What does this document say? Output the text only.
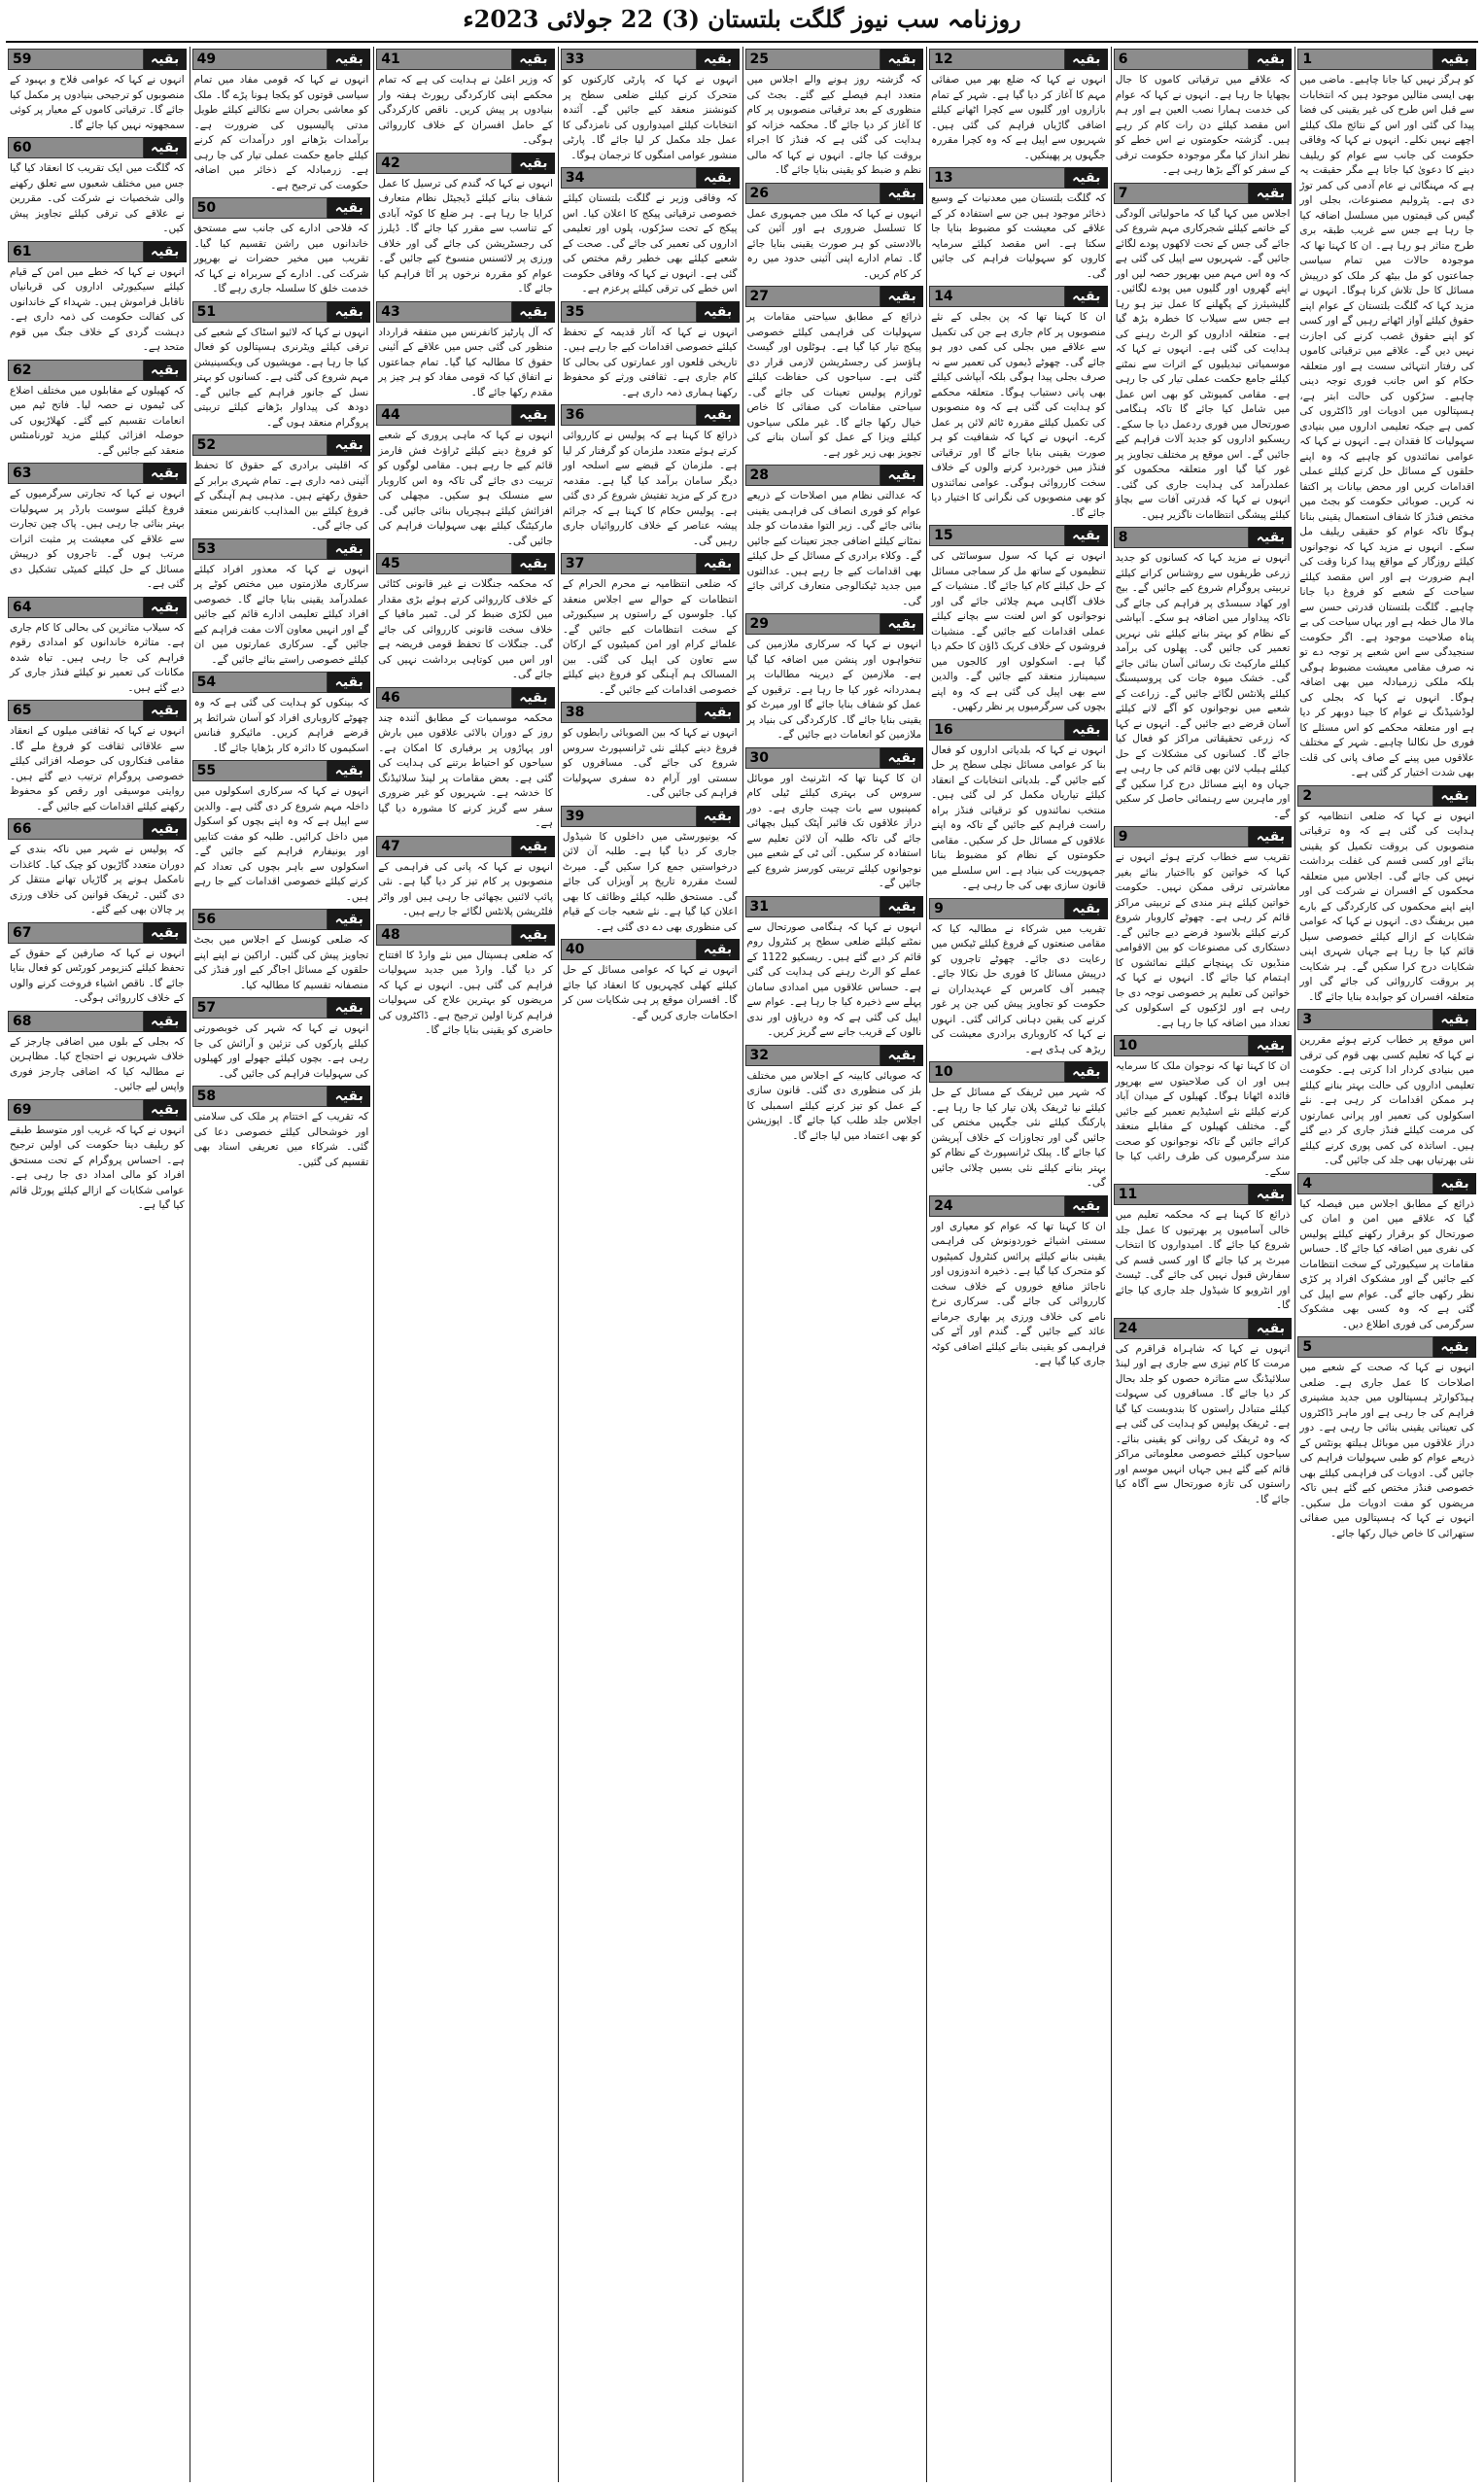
روزنامہ سب نیوز گلگت بلتستان (3) 22 جولائی 2023ء
بقیہ
1

کو ہرگز نہیں کیا جانا چاہیے۔ ماضی میں بھی ایسی مثالیں موجود ہیں کہ انتخابات سے قبل اس طرح کی غیر یقینی کی فضا پیدا کی گئی اور اس کے نتائج ملک کیلئے اچھے نہیں نکلے۔ انہوں نے کہا کہ وفاقی حکومت کی جانب سے عوام کو ریلیف دینے کا دعویٰ کیا جاتا ہے مگر حقیقت یہ ہے کہ مہنگائی نے عام آدمی کی کمر توڑ دی ہے۔ پٹرولیم مصنوعات، بجلی اور گیس کی قیمتوں میں مسلسل اضافہ کیا جا رہا ہے جس سے غریب طبقہ بری طرح متاثر ہو رہا ہے۔ ان کا کہنا تھا کہ موجودہ حالات میں تمام سیاسی جماعتوں کو مل بیٹھ کر ملک کو درپیش مسائل کا حل تلاش کرنا ہوگا۔ انہوں نے مزید کہا کہ گلگت بلتستان کے عوام اپنے حقوق کیلئے آواز اٹھاتے رہیں گے اور کسی کو اپنے حقوق غصب کرنے کی اجازت نہیں دیں گے۔ علاقے میں ترقیاتی کاموں کی رفتار انتہائی سست ہے اور متعلقہ حکام کو اس جانب فوری توجہ دینی چاہیے۔ سڑکوں کی حالت ابتر ہے، ہسپتالوں میں ادویات اور ڈاکٹروں کی کمی ہے جبکہ تعلیمی اداروں میں بنیادی سہولیات کا فقدان ہے۔ انہوں نے کہا کہ عوامی نمائندوں کو چاہیے کہ وہ اپنے حلقوں کے مسائل حل کرنے کیلئے عملی اقدامات کریں اور محض بیانات پر اکتفا نہ کریں۔ صوبائی حکومت کو بجٹ میں مختص فنڈز کا شفاف استعمال یقینی بنانا ہوگا تاکہ عوام کو حقیقی ریلیف مل سکے۔ انہوں نے مزید کہا کہ نوجوانوں کیلئے روزگار کے مواقع پیدا کرنا وقت کی اہم ضرورت ہے اور اس مقصد کیلئے سیاحت کے شعبے کو فروغ دیا جانا چاہیے۔ گلگت بلتستان قدرتی حسن سے مالا مال خطہ ہے اور یہاں سیاحت کی بے پناہ صلاحیت موجود ہے۔ اگر حکومت سنجیدگی سے اس شعبے پر توجہ دے تو نہ صرف مقامی معیشت مضبوط ہوگی بلکہ ملکی زرمبادلہ میں بھی اضافہ ہوگا۔ انہوں نے کہا کہ بجلی کی لوڈشیڈنگ نے عوام کا جینا دوبھر کر دیا ہے اور متعلقہ محکمے کو اس مسئلے کا فوری حل نکالنا چاہیے۔ شہر کے مختلف علاقوں میں پینے کے صاف پانی کی قلت بھی شدت اختیار کر گئی ہے۔

بقیہ
2

انہوں نے کہا کہ ضلعی انتظامیہ کو ہدایت کی گئی ہے کہ وہ ترقیاتی منصوبوں کی بروقت تکمیل کو یقینی بنائے اور کسی قسم کی غفلت برداشت نہیں کی جائے گی۔ اجلاس میں متعلقہ محکموں کے افسران نے شرکت کی اور اپنے اپنے محکموں کی کارکردگی کے بارے میں بریفنگ دی۔ انہوں نے کہا کہ عوامی شکایات کے ازالے کیلئے خصوصی سیل قائم کیا جا رہا ہے جہاں شہری اپنی شکایات درج کرا سکیں گے۔ ہر شکایت پر بروقت کارروائی کی جائے گی اور متعلقہ افسران کو جوابدہ بنایا جائے گا۔

بقیہ
3

اس موقع پر خطاب کرتے ہوئے مقررین نے کہا کہ تعلیم کسی بھی قوم کی ترقی میں بنیادی کردار ادا کرتی ہے۔ حکومت تعلیمی اداروں کی حالت بہتر بنانے کیلئے ہر ممکن اقدامات کر رہی ہے۔ نئے اسکولوں کی تعمیر اور پرانی عمارتوں کی مرمت کیلئے فنڈز جاری کر دیے گئے ہیں۔ اساتذہ کی کمی پوری کرنے کیلئے نئی بھرتیاں بھی جلد کی جائیں گی۔

بقیہ
4

ذرائع کے مطابق اجلاس میں فیصلہ کیا گیا کہ علاقے میں امن و امان کی صورتحال کو برقرار رکھنے کیلئے پولیس کی نفری میں اضافہ کیا جائے گا۔ حساس مقامات پر سیکیورٹی کے سخت انتظامات کیے جائیں گے اور مشکوک افراد پر کڑی نظر رکھی جائے گی۔ عوام سے اپیل کی گئی ہے کہ وہ کسی بھی مشکوک سرگرمی کی فوری اطلاع دیں۔

بقیہ
5

انہوں نے کہا کہ صحت کے شعبے میں اصلاحات کا عمل جاری ہے۔ ضلعی ہیڈکوارٹر ہسپتالوں میں جدید مشینری فراہم کی جا رہی ہے اور ماہر ڈاکٹروں کی تعیناتی یقینی بنائی جا رہی ہے۔ دور دراز علاقوں میں موبائل ہیلتھ یونٹس کے ذریعے عوام کو طبی سہولیات فراہم کی جائیں گی۔ ادویات کی فراہمی کیلئے بھی خصوصی فنڈز مختص کیے گئے ہیں تاکہ مریضوں کو مفت ادویات مل سکیں۔ انہوں نے کہا کہ ہسپتالوں میں صفائی ستھرائی کا خاص خیال رکھا جائے۔

بقیہ
6

کہ علاقے میں ترقیاتی کاموں کا جال بچھایا جا رہا ہے۔ انہوں نے کہا کہ عوام کی خدمت ہمارا نصب العین ہے اور ہم اس مقصد کیلئے دن رات کام کر رہے ہیں۔ گزشتہ حکومتوں نے اس خطے کو نظر انداز کیا مگر موجودہ حکومت ترقی کے سفر کو آگے بڑھا رہی ہے۔

بقیہ
7

اجلاس میں کہا گیا کہ ماحولیاتی آلودگی کے خاتمے کیلئے شجرکاری مہم شروع کی جائے گی جس کے تحت لاکھوں پودے لگائے جائیں گے۔ شہریوں سے اپیل کی گئی ہے کہ وہ اس مہم میں بھرپور حصہ لیں اور اپنے گھروں اور گلیوں میں پودے لگائیں۔ گلیشیئرز کے پگھلنے کا عمل تیز ہو رہا ہے جس سے سیلاب کا خطرہ بڑھ گیا ہے۔ متعلقہ اداروں کو الرٹ رہنے کی ہدایت کی گئی ہے۔ انہوں نے کہا کہ موسمیاتی تبدیلیوں کے اثرات سے نمٹنے کیلئے جامع حکمت عملی تیار کی جا رہی ہے۔ مقامی کمیونٹی کو بھی اس عمل میں شامل کیا جائے گا تاکہ ہنگامی صورتحال میں فوری ردعمل دیا جا سکے۔ ریسکیو اداروں کو جدید آلات فراہم کیے جائیں گے۔ اس موقع پر مختلف تجاویز پر غور کیا گیا اور متعلقہ محکموں کو عملدرآمد کی ہدایت جاری کی گئی۔ انہوں نے کہا کہ قدرتی آفات سے بچاؤ کیلئے پیشگی انتظامات ناگزیر ہیں۔

بقیہ
8

انہوں نے مزید کہا کہ کسانوں کو جدید زرعی طریقوں سے روشناس کرانے کیلئے تربیتی پروگرام شروع کیے جائیں گے۔ بیج اور کھاد سبسڈی پر فراہم کی جائے گی تاکہ پیداوار میں اضافہ ہو سکے۔ آبپاشی کے نظام کو بہتر بنانے کیلئے نئی نہریں تعمیر کی جائیں گی۔ پھلوں کی برآمد کیلئے مارکیٹ تک رسائی آسان بنائی جائے گی۔ خشک میوہ جات کی پروسیسنگ کیلئے پلانٹس لگائے جائیں گے۔ زراعت کے شعبے میں نوجوانوں کو آگے لانے کیلئے آسان قرضے دیے جائیں گے۔ انہوں نے کہا کہ زرعی تحقیقاتی مراکز کو فعال کیا جائے گا۔ کسانوں کی مشکلات کے حل کیلئے ہیلپ لائن بھی قائم کی جا رہی ہے جہاں وہ اپنے مسائل درج کرا سکیں گے اور ماہرین سے رہنمائی حاصل کر سکیں گے۔

بقیہ
9

تقریب سے خطاب کرتے ہوئے انہوں نے کہا کہ خواتین کو بااختیار بنائے بغیر معاشرتی ترقی ممکن نہیں۔ حکومت خواتین کیلئے ہنر مندی کے تربیتی مراکز قائم کر رہی ہے۔ چھوٹے کاروبار شروع کرنے کیلئے بلاسود قرضے دیے جائیں گے۔ دستکاری کی مصنوعات کو بین الاقوامی منڈیوں تک پہنچانے کیلئے نمائشوں کا اہتمام کیا جائے گا۔ انہوں نے کہا کہ خواتین کی تعلیم پر خصوصی توجہ دی جا رہی ہے اور لڑکیوں کے اسکولوں کی تعداد میں اضافہ کیا جا رہا ہے۔

بقیہ
10

ان کا کہنا تھا کہ نوجوان ملک کا سرمایہ ہیں اور ان کی صلاحیتوں سے بھرپور فائدہ اٹھانا ہوگا۔ کھیلوں کے میدان آباد کرنے کیلئے نئے اسٹیڈیم تعمیر کیے جائیں گے۔ مختلف کھیلوں کے مقابلے منعقد کرائے جائیں گے تاکہ نوجوانوں کو صحت مند سرگرمیوں کی طرف راغب کیا جا سکے۔

بقیہ
11

ذرائع کا کہنا ہے کہ محکمہ تعلیم میں خالی آسامیوں پر بھرتیوں کا عمل جلد شروع کیا جائے گا۔ امیدواروں کا انتخاب میرٹ پر کیا جائے گا اور کسی قسم کی سفارش قبول نہیں کی جائے گی۔ ٹیسٹ اور انٹرویو کا شیڈول جلد جاری کیا جائے گا۔

بقیہ
24

انہوں نے کہا کہ شاہراہ قراقرم کی مرمت کا کام تیزی سے جاری ہے اور لینڈ سلائیڈنگ سے متاثرہ حصوں کو جلد بحال کر دیا جائے گا۔ مسافروں کی سہولت کیلئے متبادل راستوں کا بندوبست کیا گیا ہے۔ ٹریفک پولیس کو ہدایت کی گئی ہے کہ وہ ٹریفک کی روانی کو یقینی بنائے۔ سیاحوں کیلئے خصوصی معلوماتی مراکز قائم کیے گئے ہیں جہاں انہیں موسم اور راستوں کی تازہ صورتحال سے آگاہ کیا جائے گا۔

بقیہ
12

انہوں نے کہا کہ ضلع بھر میں صفائی مہم کا آغاز کر دیا گیا ہے۔ شہر کے تمام بازاروں اور گلیوں سے کچرا اٹھانے کیلئے اضافی گاڑیاں فراہم کی گئی ہیں۔ شہریوں سے اپیل ہے کہ وہ کچرا مقررہ جگہوں پر پھینکیں۔

بقیہ
13

کہ گلگت بلتستان میں معدنیات کے وسیع ذخائر موجود ہیں جن سے استفادہ کر کے علاقے کی معیشت کو مضبوط بنایا جا سکتا ہے۔ اس مقصد کیلئے سرمایہ کاروں کو سہولیات فراہم کی جائیں گی۔

بقیہ
14

ان کا کہنا تھا کہ پن بجلی کے نئے منصوبوں پر کام جاری ہے جن کی تکمیل سے علاقے میں بجلی کی کمی دور ہو جائے گی۔ چھوٹے ڈیموں کی تعمیر سے نہ صرف بجلی پیدا ہوگی بلکہ آبپاشی کیلئے بھی پانی دستیاب ہوگا۔ متعلقہ محکمے کو ہدایت کی گئی ہے کہ وہ منصوبوں کی تکمیل کیلئے مقررہ ٹائم لائن پر عمل کرے۔ انہوں نے کہا کہ شفافیت کو ہر صورت یقینی بنایا جائے گا اور ترقیاتی فنڈز میں خوردبرد کرنے والوں کے خلاف سخت کارروائی ہوگی۔ عوامی نمائندوں کو بھی منصوبوں کی نگرانی کا اختیار دیا جائے گا۔

بقیہ
15

انہوں نے کہا کہ سول سوسائٹی کی تنظیموں کے ساتھ مل کر سماجی مسائل کے حل کیلئے کام کیا جائے گا۔ منشیات کے خلاف آگاہی مہم چلائی جائے گی اور نوجوانوں کو اس لعنت سے بچانے کیلئے عملی اقدامات کیے جائیں گے۔ منشیات فروشوں کے خلاف کریک ڈاؤن کا حکم دیا گیا ہے۔ اسکولوں اور کالجوں میں سیمینارز منعقد کیے جائیں گے۔ والدین سے بھی اپیل کی گئی ہے کہ وہ اپنے بچوں کی سرگرمیوں پر نظر رکھیں۔

بقیہ
16

انہوں نے کہا کہ بلدیاتی اداروں کو فعال بنا کر عوامی مسائل نچلی سطح پر حل کیے جائیں گے۔ بلدیاتی انتخابات کے انعقاد کیلئے تیاریاں مکمل کر لی گئی ہیں۔ منتخب نمائندوں کو ترقیاتی فنڈز براہ راست فراہم کیے جائیں گے تاکہ وہ اپنے علاقوں کے مسائل حل کر سکیں۔ مقامی حکومتوں کے نظام کو مضبوط بنانا جمہوریت کی بنیاد ہے۔ اس سلسلے میں قانون سازی بھی کی جا رہی ہے۔

بقیہ
9

تقریب میں شرکاء نے مطالبہ کیا کہ مقامی صنعتوں کے فروغ کیلئے ٹیکس میں رعایت دی جائے۔ چھوٹے تاجروں کو درپیش مسائل کا فوری حل نکالا جائے۔ چیمبر آف کامرس کے عہدیداران نے حکومت کو تجاویز پیش کیں جن پر غور کرنے کی یقین دہانی کرائی گئی۔ انہوں نے کہا کہ کاروباری برادری معیشت کی ریڑھ کی ہڈی ہے۔

بقیہ
10

کہ شہر میں ٹریفک کے مسائل کے حل کیلئے نیا ٹریفک پلان تیار کیا جا رہا ہے۔ پارکنگ کیلئے نئی جگہیں مختص کی جائیں گی اور تجاوزات کے خلاف آپریشن کیا جائے گا۔ پبلک ٹرانسپورٹ کے نظام کو بہتر بنانے کیلئے نئی بسیں چلائی جائیں گی۔

بقیہ
24

ان کا کہنا تھا کہ عوام کو معیاری اور سستی اشیائے خوردونوش کی فراہمی یقینی بنانے کیلئے پرائس کنٹرول کمیٹیوں کو متحرک کیا گیا ہے۔ ذخیرہ اندوزوں اور ناجائز منافع خوروں کے خلاف سخت کارروائی کی جائے گی۔ سرکاری نرخ نامے کی خلاف ورزی پر بھاری جرمانے عائد کیے جائیں گے۔ گندم اور آٹے کی فراہمی کو یقینی بنانے کیلئے اضافی کوٹہ جاری کیا گیا ہے۔

بقیہ
25

کہ گزشتہ روز ہونے والے اجلاس میں متعدد اہم فیصلے کیے گئے۔ بجٹ کی منظوری کے بعد ترقیاتی منصوبوں پر کام کا آغاز کر دیا جائے گا۔ محکمہ خزانہ کو ہدایت کی گئی ہے کہ فنڈز کا اجراء بروقت کیا جائے۔ انہوں نے کہا کہ مالی نظم و ضبط کو یقینی بنایا جائے گا۔

بقیہ
26

انہوں نے کہا کہ ملک میں جمہوری عمل کا تسلسل ضروری ہے اور آئین کی بالادستی کو ہر صورت یقینی بنایا جائے گا۔ تمام ادارے اپنی آئینی حدود میں رہ کر کام کریں۔

بقیہ
27

ذرائع کے مطابق سیاحتی مقامات پر سہولیات کی فراہمی کیلئے خصوصی پیکج تیار کیا گیا ہے۔ ہوٹلوں اور گیسٹ ہاؤسز کی رجسٹریشن لازمی قرار دی گئی ہے۔ سیاحوں کی حفاظت کیلئے ٹورازم پولیس تعینات کی جائے گی۔ سیاحتی مقامات کی صفائی کا خاص خیال رکھا جائے گا۔ غیر ملکی سیاحوں کیلئے ویزا کے عمل کو آسان بنانے کی تجویز بھی زیر غور ہے۔

بقیہ
28

کہ عدالتی نظام میں اصلاحات کے ذریعے عوام کو فوری انصاف کی فراہمی یقینی بنائی جائے گی۔ زیر التوا مقدمات کو جلد نمٹانے کیلئے اضافی ججز تعینات کیے جائیں گے۔ وکلاء برادری کے مسائل کے حل کیلئے بھی اقدامات کیے جا رہے ہیں۔ عدالتوں میں جدید ٹیکنالوجی متعارف کرائی جائے گی۔

بقیہ
29

انہوں نے کہا کہ سرکاری ملازمین کی تنخواہوں اور پنشن میں اضافہ کیا گیا ہے۔ ملازمین کے دیرینہ مطالبات پر ہمدردانہ غور کیا جا رہا ہے۔ ترقیوں کے عمل کو شفاف بنایا جائے گا اور میرٹ کو یقینی بنایا جائے گا۔ کارکردگی کی بنیاد پر ملازمین کو انعامات دیے جائیں گے۔

بقیہ
30

ان کا کہنا تھا کہ انٹرنیٹ اور موبائل سروس کی بہتری کیلئے ٹیلی کام کمپنیوں سے بات چیت جاری ہے۔ دور دراز علاقوں تک فائبر آپٹک کیبل بچھائی جائے گی تاکہ طلبہ آن لائن تعلیم سے استفادہ کر سکیں۔ آئی ٹی کے شعبے میں نوجوانوں کیلئے تربیتی کورسز شروع کیے جائیں گے۔

بقیہ
31

انہوں نے کہا کہ ہنگامی صورتحال سے نمٹنے کیلئے ضلعی سطح پر کنٹرول روم قائم کر دیے گئے ہیں۔ ریسکیو 1122 کے عملے کو الرٹ رہنے کی ہدایت کی گئی ہے۔ حساس علاقوں میں امدادی سامان پہلے سے ذخیرہ کیا جا رہا ہے۔ عوام سے اپیل کی گئی ہے کہ وہ دریاؤں اور ندی نالوں کے قریب جانے سے گریز کریں۔

بقیہ
32

کہ صوبائی کابینہ کے اجلاس میں مختلف بلز کی منظوری دی گئی۔ قانون سازی کے عمل کو تیز کرنے کیلئے اسمبلی کا اجلاس جلد طلب کیا جائے گا۔ اپوزیشن کو بھی اعتماد میں لیا جائے گا۔

بقیہ
33

انہوں نے کہا کہ پارٹی کارکنوں کو متحرک کرنے کیلئے ضلعی سطح پر کنونشنز منعقد کیے جائیں گے۔ آئندہ انتخابات کیلئے امیدواروں کی نامزدگی کا عمل جلد مکمل کر لیا جائے گا۔ پارٹی منشور عوامی امنگوں کا ترجمان ہوگا۔

بقیہ
34

کہ وفاقی وزیر نے گلگت بلتستان کیلئے خصوصی ترقیاتی پیکج کا اعلان کیا۔ اس پیکج کے تحت سڑکوں، پلوں اور تعلیمی اداروں کی تعمیر کی جائے گی۔ صحت کے شعبے کیلئے بھی خطیر رقم مختص کی گئی ہے۔ انہوں نے کہا کہ وفاقی حکومت اس خطے کی ترقی کیلئے پرعزم ہے۔

بقیہ
35

انہوں نے کہا کہ آثار قدیمہ کے تحفظ کیلئے خصوصی اقدامات کیے جا رہے ہیں۔ تاریخی قلعوں اور عمارتوں کی بحالی کا کام جاری ہے۔ ثقافتی ورثے کو محفوظ رکھنا ہماری ذمہ داری ہے۔

بقیہ
36

ذرائع کا کہنا ہے کہ پولیس نے کارروائی کرتے ہوئے متعدد ملزمان کو گرفتار کر لیا ہے۔ ملزمان کے قبضے سے اسلحہ اور دیگر سامان برآمد کیا گیا ہے۔ مقدمہ درج کر کے مزید تفتیش شروع کر دی گئی ہے۔ پولیس حکام کا کہنا ہے کہ جرائم پیشہ عناصر کے خلاف کارروائیاں جاری رہیں گی۔

بقیہ
37

کہ ضلعی انتظامیہ نے محرم الحرام کے انتظامات کے حوالے سے اجلاس منعقد کیا۔ جلوسوں کے راستوں پر سیکیورٹی کے سخت انتظامات کیے جائیں گے۔ علمائے کرام اور امن کمیٹیوں کے ارکان سے تعاون کی اپیل کی گئی۔ بین المسالک ہم آہنگی کو فروغ دینے کیلئے خصوصی اقدامات کیے جائیں گے۔

بقیہ
38

انہوں نے کہا کہ بین الصوبائی رابطوں کو فروغ دینے کیلئے نئی ٹرانسپورٹ سروس شروع کی جائے گی۔ مسافروں کو سستی اور آرام دہ سفری سہولیات فراہم کی جائیں گی۔

بقیہ
39

کہ یونیورسٹی میں داخلوں کا شیڈول جاری کر دیا گیا ہے۔ طلبہ آن لائن درخواستیں جمع کرا سکیں گے۔ میرٹ لسٹ مقررہ تاریخ پر آویزاں کی جائے گی۔ مستحق طلبہ کیلئے وظائف کا بھی اعلان کیا گیا ہے۔ نئے شعبہ جات کے قیام کی منظوری بھی دے دی گئی ہے۔

بقیہ
40

انہوں نے کہا کہ عوامی مسائل کے حل کیلئے کھلی کچہریوں کا انعقاد کیا جائے گا۔ افسران موقع پر ہی شکایات سن کر احکامات جاری کریں گے۔

بقیہ
41

کہ وزیر اعلیٰ نے ہدایت کی ہے کہ تمام محکمے اپنی کارکردگی رپورٹ ہفتہ وار بنیادوں پر پیش کریں۔ ناقص کارکردگی کے حامل افسران کے خلاف کارروائی ہوگی۔

بقیہ
42

انہوں نے کہا کہ گندم کی ترسیل کا عمل شفاف بنانے کیلئے ڈیجیٹل نظام متعارف کرایا جا رہا ہے۔ ہر ضلع کا کوٹہ آبادی کے تناسب سے مقرر کیا جائے گا۔ ڈیلرز کی رجسٹریشن کی جائے گی اور خلاف ورزی پر لائسنس منسوخ کیے جائیں گے۔ عوام کو مقررہ نرخوں پر آٹا فراہم کیا جائے گا۔

بقیہ
43

کہ آل پارٹیز کانفرنس میں متفقہ قرارداد منظور کی گئی جس میں علاقے کے آئینی حقوق کا مطالبہ کیا گیا۔ تمام جماعتوں نے اتفاق کیا کہ قومی مفاد کو ہر چیز پر مقدم رکھا جائے گا۔

بقیہ
44

انہوں نے کہا کہ ماہی پروری کے شعبے کو فروغ دینے کیلئے ٹراؤٹ فش فارمز قائم کیے جا رہے ہیں۔ مقامی لوگوں کو تربیت دی جائے گی تاکہ وہ اس کاروبار سے منسلک ہو سکیں۔ مچھلی کی افزائش کیلئے ہیچریاں بنائی جائیں گی۔ مارکیٹنگ کیلئے بھی سہولیات فراہم کی جائیں گی۔

بقیہ
45

کہ محکمہ جنگلات نے غیر قانونی کٹائی کے خلاف کارروائی کرتے ہوئے بڑی مقدار میں لکڑی ضبط کر لی۔ ٹمبر مافیا کے خلاف سخت قانونی کارروائی کی جائے گی۔ جنگلات کا تحفظ قومی فریضہ ہے اور اس میں کوتاہی برداشت نہیں کی جائے گی۔

بقیہ
46

محکمہ موسمیات کے مطابق آئندہ چند روز کے دوران بالائی علاقوں میں بارش اور پہاڑوں پر برفباری کا امکان ہے۔ سیاحوں کو احتیاط برتنے کی ہدایت کی گئی ہے۔ بعض مقامات پر لینڈ سلائیڈنگ کا خدشہ ہے۔ شہریوں کو غیر ضروری سفر سے گریز کرنے کا مشورہ دیا گیا ہے۔

بقیہ
47

انہوں نے کہا کہ پانی کی فراہمی کے منصوبوں پر کام تیز کر دیا گیا ہے۔ نئی پائپ لائنیں بچھائی جا رہی ہیں اور واٹر فلٹریشن پلانٹس لگائے جا رہے ہیں۔

بقیہ
48

کہ ضلعی ہسپتال میں نئے وارڈ کا افتتاح کر دیا گیا۔ وارڈ میں جدید سہولیات فراہم کی گئی ہیں۔ انہوں نے کہا کہ مریضوں کو بہترین علاج کی سہولیات فراہم کرنا اولین ترجیح ہے۔ ڈاکٹروں کی حاضری کو یقینی بنایا جائے گا۔

بقیہ
49

انہوں نے کہا کہ قومی مفاد میں تمام سیاسی قوتوں کو یکجا ہونا پڑے گا۔ ملک کو معاشی بحران سے نکالنے کیلئے طویل مدتی پالیسیوں کی ضرورت ہے۔ برآمدات بڑھانے اور درآمدات کم کرنے کیلئے جامع حکمت عملی تیار کی جا رہی ہے۔ زرمبادلہ کے ذخائر میں اضافہ حکومت کی ترجیح ہے۔

بقیہ
50

کہ فلاحی ادارے کی جانب سے مستحق خاندانوں میں راشن تقسیم کیا گیا۔ تقریب میں مخیر حضرات نے بھرپور شرکت کی۔ ادارے کے سربراہ نے کہا کہ خدمت خلق کا سلسلہ جاری رہے گا۔

بقیہ
51

انہوں نے کہا کہ لائیو اسٹاک کے شعبے کی ترقی کیلئے ویٹرنری ہسپتالوں کو فعال کیا جا رہا ہے۔ مویشیوں کی ویکسینیشن مہم شروع کی گئی ہے۔ کسانوں کو بہتر نسل کے جانور فراہم کیے جائیں گے۔ دودھ کی پیداوار بڑھانے کیلئے تربیتی پروگرام منعقد ہوں گے۔

بقیہ
52

کہ اقلیتی برادری کے حقوق کا تحفظ آئینی ذمہ داری ہے۔ تمام شہری برابر کے حقوق رکھتے ہیں۔ مذہبی ہم آہنگی کے فروغ کیلئے بین المذاہب کانفرنس منعقد کی جائے گی۔

بقیہ
53

انہوں نے کہا کہ معذور افراد کیلئے سرکاری ملازمتوں میں مختص کوٹے پر عملدرآمد یقینی بنایا جائے گا۔ خصوصی افراد کیلئے تعلیمی ادارے قائم کیے جائیں گے اور انہیں معاون آلات مفت فراہم کیے جائیں گے۔ سرکاری عمارتوں میں ان کیلئے خصوصی راستے بنائے جائیں گے۔

بقیہ
54

کہ بینکوں کو ہدایت کی گئی ہے کہ وہ چھوٹے کاروباری افراد کو آسان شرائط پر قرضے فراہم کریں۔ مائیکرو فنانس اسکیموں کا دائرہ کار بڑھایا جائے گا۔

بقیہ
55

انہوں نے کہا کہ سرکاری اسکولوں میں داخلہ مہم شروع کر دی گئی ہے۔ والدین سے اپیل ہے کہ وہ اپنے بچوں کو اسکول میں داخل کرائیں۔ طلبہ کو مفت کتابیں اور یونیفارم فراہم کیے جائیں گے۔ اسکولوں سے باہر بچوں کی تعداد کم کرنے کیلئے خصوصی اقدامات کیے جا رہے ہیں۔

بقیہ
56

کہ ضلعی کونسل کے اجلاس میں بجٹ تجاویز پیش کی گئیں۔ اراکین نے اپنے اپنے حلقوں کے مسائل اجاگر کیے اور فنڈز کی منصفانہ تقسیم کا مطالبہ کیا۔

بقیہ
57

انہوں نے کہا کہ شہر کی خوبصورتی کیلئے پارکوں کی تزئین و آرائش کی جا رہی ہے۔ بچوں کیلئے جھولے اور کھیلوں کی سہولیات فراہم کی جائیں گی۔

بقیہ
58

کہ تقریب کے اختتام پر ملک کی سلامتی اور خوشحالی کیلئے خصوصی دعا کی گئی۔ شرکاء میں تعریفی اسناد بھی تقسیم کی گئیں۔

بقیہ
59

انہوں نے کہا کہ عوامی فلاح و بہبود کے منصوبوں کو ترجیحی بنیادوں پر مکمل کیا جائے گا۔ ترقیاتی کاموں کے معیار پر کوئی سمجھوتہ نہیں کیا جائے گا۔

بقیہ
60

کہ گلگت میں ایک تقریب کا انعقاد کیا گیا جس میں مختلف شعبوں سے تعلق رکھنے والی شخصیات نے شرکت کی۔ مقررین نے علاقے کی ترقی کیلئے تجاویز پیش کیں۔

بقیہ
61

انہوں نے کہا کہ خطے میں امن کے قیام کیلئے سیکیورٹی اداروں کی قربانیاں ناقابل فراموش ہیں۔ شہداء کے خاندانوں کی کفالت حکومت کی ذمہ داری ہے۔ دہشت گردی کے خلاف جنگ میں قوم متحد ہے۔

بقیہ
62

کہ کھیلوں کے مقابلوں میں مختلف اضلاع کی ٹیموں نے حصہ لیا۔ فاتح ٹیم میں انعامات تقسیم کیے گئے۔ کھلاڑیوں کی حوصلہ افزائی کیلئے مزید ٹورنامنٹس منعقد کیے جائیں گے۔

بقیہ
63

انہوں نے کہا کہ تجارتی سرگرمیوں کے فروغ کیلئے سوست بارڈر پر سہولیات بہتر بنائی جا رہی ہیں۔ پاک چین تجارت سے علاقے کی معیشت پر مثبت اثرات مرتب ہوں گے۔ تاجروں کو درپیش مسائل کے حل کیلئے کمیٹی تشکیل دی گئی ہے۔

بقیہ
64

کہ سیلاب متاثرین کی بحالی کا کام جاری ہے۔ متاثرہ خاندانوں کو امدادی رقوم فراہم کی جا رہی ہیں۔ تباہ شدہ مکانات کی تعمیر نو کیلئے فنڈز جاری کر دیے گئے ہیں۔

بقیہ
65

انہوں نے کہا کہ ثقافتی میلوں کے انعقاد سے علاقائی ثقافت کو فروغ ملے گا۔ مقامی فنکاروں کی حوصلہ افزائی کیلئے خصوصی پروگرام ترتیب دیے گئے ہیں۔ روایتی موسیقی اور رقص کو محفوظ رکھنے کیلئے اقدامات کیے جائیں گے۔

بقیہ
66

کہ پولیس نے شہر میں ناکہ بندی کے دوران متعدد گاڑیوں کو چیک کیا۔ کاغذات نامکمل ہونے پر گاڑیاں تھانے منتقل کر دی گئیں۔ ٹریفک قوانین کی خلاف ورزی پر چالان بھی کیے گئے۔

بقیہ
67

انہوں نے کہا کہ صارفین کے حقوق کے تحفظ کیلئے کنزیومر کورٹس کو فعال بنایا جائے گا۔ ناقص اشیاء فروخت کرنے والوں کے خلاف کارروائی ہوگی۔

بقیہ
68

کہ بجلی کے بلوں میں اضافی چارجز کے خلاف شہریوں نے احتجاج کیا۔ مظاہرین نے مطالبہ کیا کہ اضافی چارجز فوری واپس لیے جائیں۔

بقیہ
69

انہوں نے کہا کہ غریب اور متوسط طبقے کو ریلیف دینا حکومت کی اولین ترجیح ہے۔ احساس پروگرام کے تحت مستحق افراد کو مالی امداد دی جا رہی ہے۔ عوامی شکایات کے ازالے کیلئے پورٹل قائم کیا گیا ہے۔
